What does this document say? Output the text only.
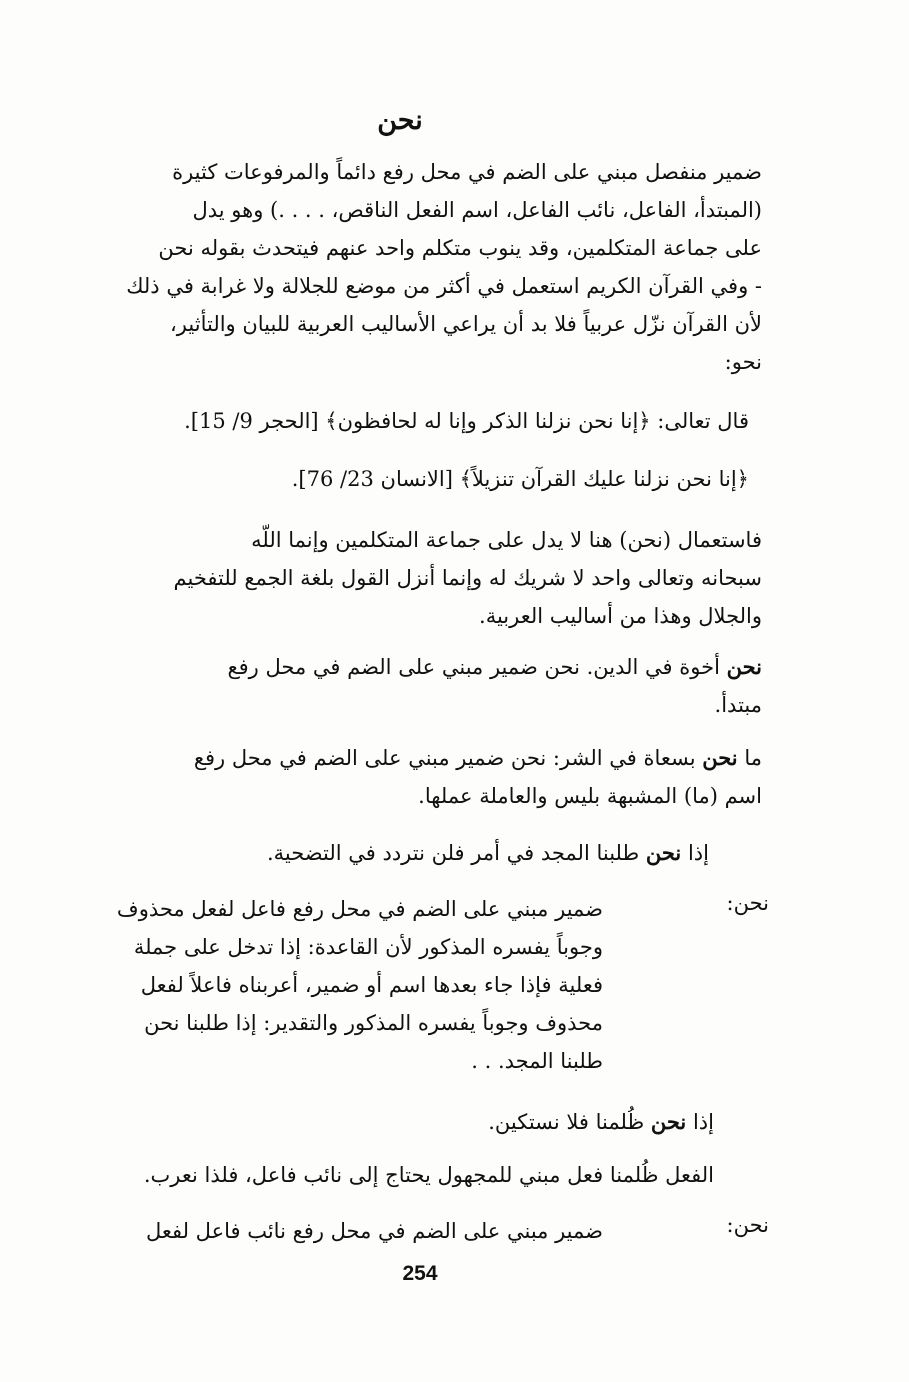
نحن
ضمير منفصل مبني على الضم في محل رفع دائماً والمرفوعات كثيرة
(المبتدأ، الفاعل، نائب الفاعل، اسم الفعل الناقص، . . . .) وهو يدل
على جماعة المتكلمين، وقد ينوب متكلم واحد عنهم فيتحدث بقوله نحن
- وفي القرآن الكريم استعمل في أكثر من موضع للجلالة ولا غرابة في ذلك
لأن القرآن نزّل عربياً فلا بد أن يراعي الأساليب العربية للبيان والتأثير،
نحو:
قال تعالى: ﴿إنا نحن نزلنا الذكر وإنا له لحافظون﴾ [الحجر 9/ 15].
﴿إنا نحن نزلنا عليك القرآن تنزيلاً﴾ [الانسان 23/ 76].
فاستعمال (نحن) هنا لا يدل على جماعة المتكلمين وإنما اللّه
سبحانه وتعالى واحد لا شريك له وإنما أنزل القول بلغة الجمع للتفخيم
والجلال وهذا من أساليب العربية.
نحن أخوة في الدين. نحن ضمير مبني على الضم في محل رفع
مبتدأ.
ما نحن بسعاة في الشر: نحن ضمير مبني على الضم في محل رفع
اسم (ما) المشبهة بليس والعاملة عملها.
إذا نحن طلبنا المجد في أمر فلن نتردد في التضحية.
نحن:
ضمير مبني على الضم في محل رفع فاعل لفعل محذوف
وجوباً يفسره المذكور لأن القاعدة: إذا تدخل على جملة
فعلية فإذا جاء بعدها اسم أو ضمير، أعربناه فاعلاً لفعل
محذوف وجوباً يفسره المذكور والتقدير: إذا طلبنا نحن
طلبنا المجد. . .
إذا نحن ظُلمنا فلا نستكين.
الفعل ظُلمنا فعل مبني للمجهول يحتاج إلى نائب فاعل، فلذا نعرب.
نحن:
ضمير مبني على الضم في محل رفع نائب فاعل لفعل
254
